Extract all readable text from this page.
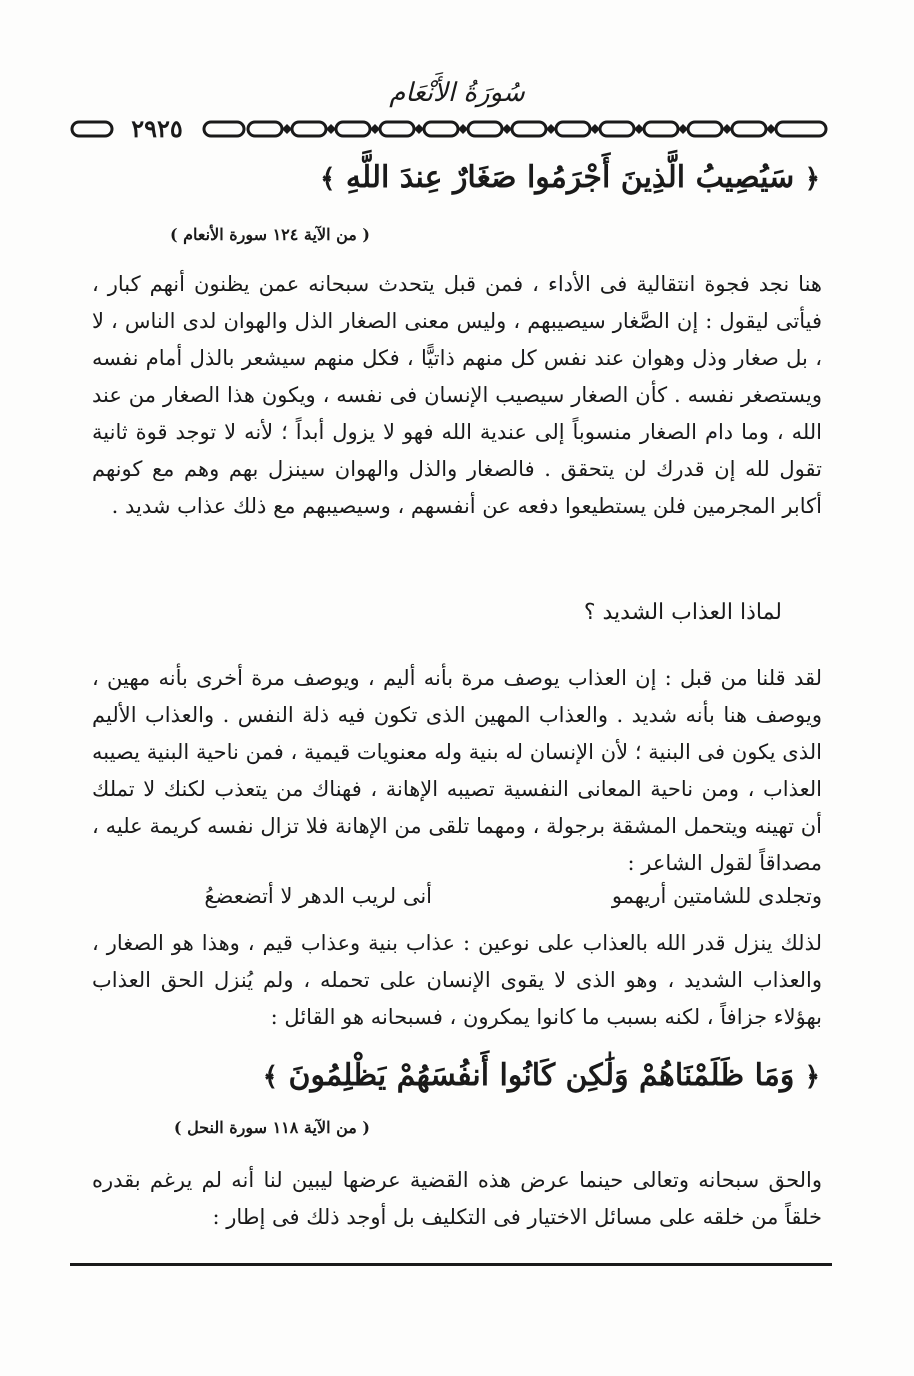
سُورَةُ الأَنْعَام
٢٩٢٥
﴿ سَيُصِيبُ الَّذِينَ أَجْرَمُوا صَغَارٌ عِندَ اللَّهِ ﴾
( من الآية ١٢٤ سورة الأنعام )

هنا نجد فجوة انتقالية فى الأداء ، فمن قبل يتحدث سبحانه عمن يظنون أنهم كبار ، فيأتى ليقول : إن الصَّغار سيصيبهم ، وليس معنى الصغار الذل والهوان لدى الناس ، لا ، بل صغار وذل وهوان عند نفس كل منهم ذاتيًّا ، فكل منهم سيشعر بالذل أمام نفسه ويستصغر نفسه . كأن الصغار سيصيب الإنسان فى نفسه ، ويكون هذا الصغار من عند الله ، وما دام الصغار منسوباً إلى عندية الله فهو لا يزول أبداً ؛ لأنه لا توجد قوة ثانية تقول لله إن قدرك لن يتحقق . فالصغار والذل والهوان سينزل بهم وهم مع كونهم أكابر المجرمين فلن يستطيعوا دفعه عن أنفسهم ، وسيصيبهم مع ذلك عذاب شديد .

لماذا العذاب الشديد ؟

لقد قلنا من قبل : إن العذاب يوصف مرة بأنه أليم ، ويوصف مرة أخرى بأنه مهين ، ويوصف هنا بأنه شديد . والعذاب المهين الذى تكون فيه ذلة النفس . والعذاب الأليم الذى يكون فى البنية ؛ لأن الإنسان له بنية وله معنويات قيمية ، فمن ناحية البنية يصيبه العذاب ، ومن ناحية المعانى النفسية تصيبه الإهانة ، فهناك من يتعذب لكنك لا تملك أن تهينه ويتحمل المشقة برجولة ، ومهما تلقى من الإهانة فلا تزال نفسه كريمة عليه ، مصداقاً لقول الشاعر :

وتجلدى للشامتين أريهمو
أنى لريب الدهر لا أتضعضعُ

لذلك ينزل قدر الله بالعذاب على نوعين : عذاب بنية وعذاب قيم ، وهذا هو الصغار ، والعذاب الشديد ، وهو الذى لا يقوى الإنسان على تحمله ، ولم يُنزل الحق العذاب بهؤلاء جزافاً ، لكنه بسبب ما كانوا يمكرون ، فسبحانه هو القائل :

﴿ وَمَا ظَلَمْنَاهُمْ وَلَٰكِن كَانُوا أَنفُسَهُمْ يَظْلِمُونَ ﴾
( من الآية ١١٨ سورة النحل )

والحق سبحانه وتعالى حينما عرض هذه القضية عرضها ليبين لنا أنه لم يرغم بقدره خلقاً من خلقه على مسائل الاختيار فى التكليف بل أوجد ذلك فى إطار :
